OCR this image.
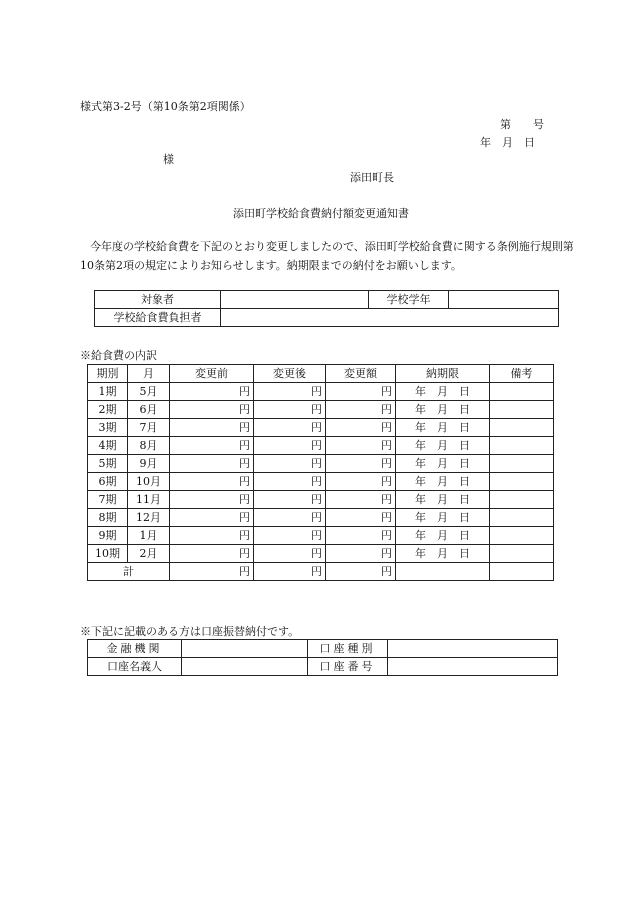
様式第3-2号（第10条第2項関係）
第　　号
年　月　日
様
添田町長
添田町学校給食費納付額変更通知書
今年度の学校給食費を下記のとおり変更しましたので、添田町学校給食費に関する条例施行規則第
10条第2項の規定によりお知らせします。納期限までの納付をお願いします。
対象者		学校学年	
学校給食費負担者			
※給食費の内訳
期別	月	変更前	変更後	変更額	納期限	備考
1期	5月	円	円	円	年　月　日	
2期	6月	円	円	円	年　月　日	
3期	7月	円	円	円	年　月　日	
4期	8月	円	円	円	年　月　日	
5期	9月	円	円	円	年　月　日	
6期	10月	円	円	円	年　月　日	
7期	11月	円	円	円	年　月　日	
8期	12月	円	円	円	年　月　日	
9期	1月	円	円	円	年　月　日	
10期	2月	円	円	円	年　月　日	
計		円	円	円		
※下記に記載のある方は口座振替納付です。
金融機関		口座種別	
口座名義人		口座番号	
